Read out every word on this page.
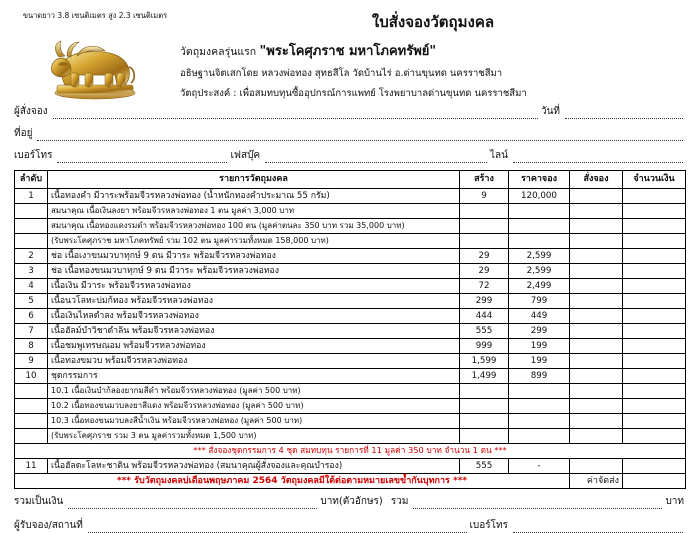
ขนาดยาว 3.8 เซนติเมตร สูง 2.3 เซนติเมตร	ใบสั่งจองวัตถุมงคล
วัตถุมงคลรุ่นแรก "พระโคศุภราช มหาโภคทรัพย์"
อธิษฐานจิตเสกโดย หลวงพ่อทอง สุทธสีโล วัดบ้านไร่ อ.ด่านขุนทด นครราชสีมา
วัตถุประสงค์ : เพื่อสมทบทุนซื้ออุปกรณ์การแพทย์ โรงพยาบาลด่านขุนทด นครราชสีมา
ผู้สั่งจอง	วันที่
ที่อยู่
เบอร์โทร	เฟสบุ๊ค	ไลน์
ลำดับ	รายการวัตถุมงคล	สร้าง	ราคาจอง	สั่งจอง	จำนวนเงิน
1	เนื้อทองคำ มีวาระพร้อมจีวรหลวงพ่อทอง (น้ำหนักทองคำประมาณ 55 กรัม)	9	120,000		
	สมนาคุณ เนื้อเงินลงยา พร้อมจีวรหลวงพ่อทอง 1 ตน มูลค่า 3,000 บาท				
	สมนาคุณ เนื้อทองแดงรมดำ พร้อมจีวรหลวงพ่อทอง 100 ตน (มูลค่าตนละ 350 บาท รวม 35,000 บาท)				
	(รับพระโคศุภราช มหาโภคทรัพย์ รวม 102 ตน มูลค่ารวมทั้งหมด 158,000 บาท)				
2	ช่อ เนื้อเงาขนมวบาทุกษ์ 9 ตน มีวาระ พร้อมจีวรหลวงพ่อทอง	29	2,599		
3	ช่อ เนื้อทองขนมวบาทุกษ์ 9 ตน มีวาระ พร้อมจีวรหลวงพ่อทอง	29	2,599		
4	เนื้อเงิน มีวาระ พร้อมจีวรหลวงพ่อทอง	72	2,499		
5	เนื้อนวโลหะบ่มก้ทอง พร้อมจีวรหลวงพ่อทอง	299	799		
6	เนื้อเงินไหลดำลง พร้อมจีวรหลวงพ่อทอง	444	449		
7	เนื้อฮัลม์บำวิชาดำลิน พร้อมจีวรหลวงพ่อทอง	555	299		
8	เนื้อชมพูเทรษณอม พร้อมจีวรหลวงพ่อทอง	999	199		
9	เนื้อทองขมวบ พร้อมจีวรหลวงพ่อทอง	1,599	199		
10	ชุดกรรมการ	1,499	899		
	10.1 เนื้อเงินบำก้ลองยากมสีดำ พร้อมจีวรหลวงพ่อทอง (มูลค่า 500 บาท)				
	10.2 เนื้อทองขนมวบลงยาสีแดง พร้อมจีวรหลวงพ่อทอง (มูลค่า 500 บาท)				
	10.3 เนื้อทองขนมวบลงสีน้ำเงิน พร้อมจีวรหลวงพ่อทอง (มูลค่า 500 บาท)				
	(รับพระโคศุภราช รวม 3 ตน มูลค่ารวมทั้งหมด 1,500 บาท)				
*** สั่งจองชุดกรรมการ 4 ชุด สมทบทุน รายการที่ 11 มูลค่า 350 บาท จำนวน 1 ตน ***					
11	เนื้อฮัลดะโลหะชาติน พร้อมจีวรหลวงพ่อทอง (สมนาคุณผู้สั่งจองและคุณบำรอง)	555	-		
*** รับวัตถุมงคลบ่เดือนพฤษภาคม 2564 วัตถุมงคลมีใต้ต่อตามหมายเลขข้ำกันบุทการ ***				ค่าจัดส่ง	
รวมเป็นเงิน	บาท(ตัวอักษร) รวม	บาท
ผู้รับจอง/สถานที่	เบอร์โทร
